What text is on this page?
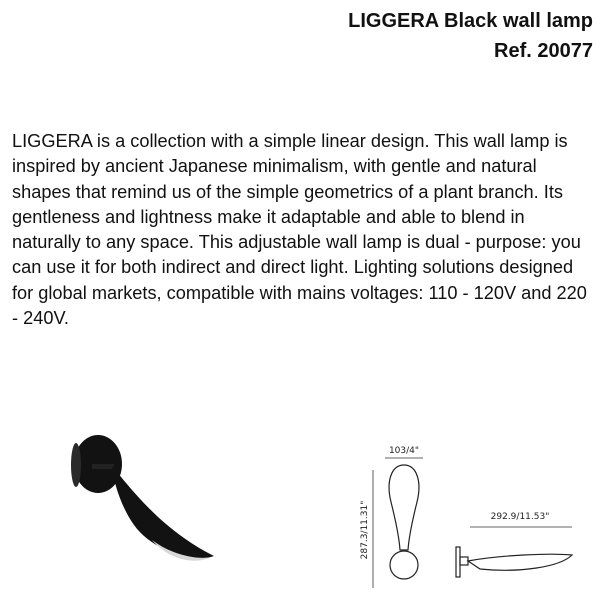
LIGGERA Black wall lamp
Ref. 20077

LIGGERA is a collection with a simple linear design. This wall lamp is inspired by ancient Japanese minimalism, with gentle and natural shapes that remind us of the simple geometrics of a plant branch. Its gentleness and lightness make it adaptable and able to blend in naturally to any space. This adjustable wall lamp is dual - purpose: you can use it for both indirect and direct light. Lighting solutions designed for global markets, compatible with mains voltages: 110 - 120V and 220 - 240V.

103/4"
287.3/11.31"	292.9/11.53"
